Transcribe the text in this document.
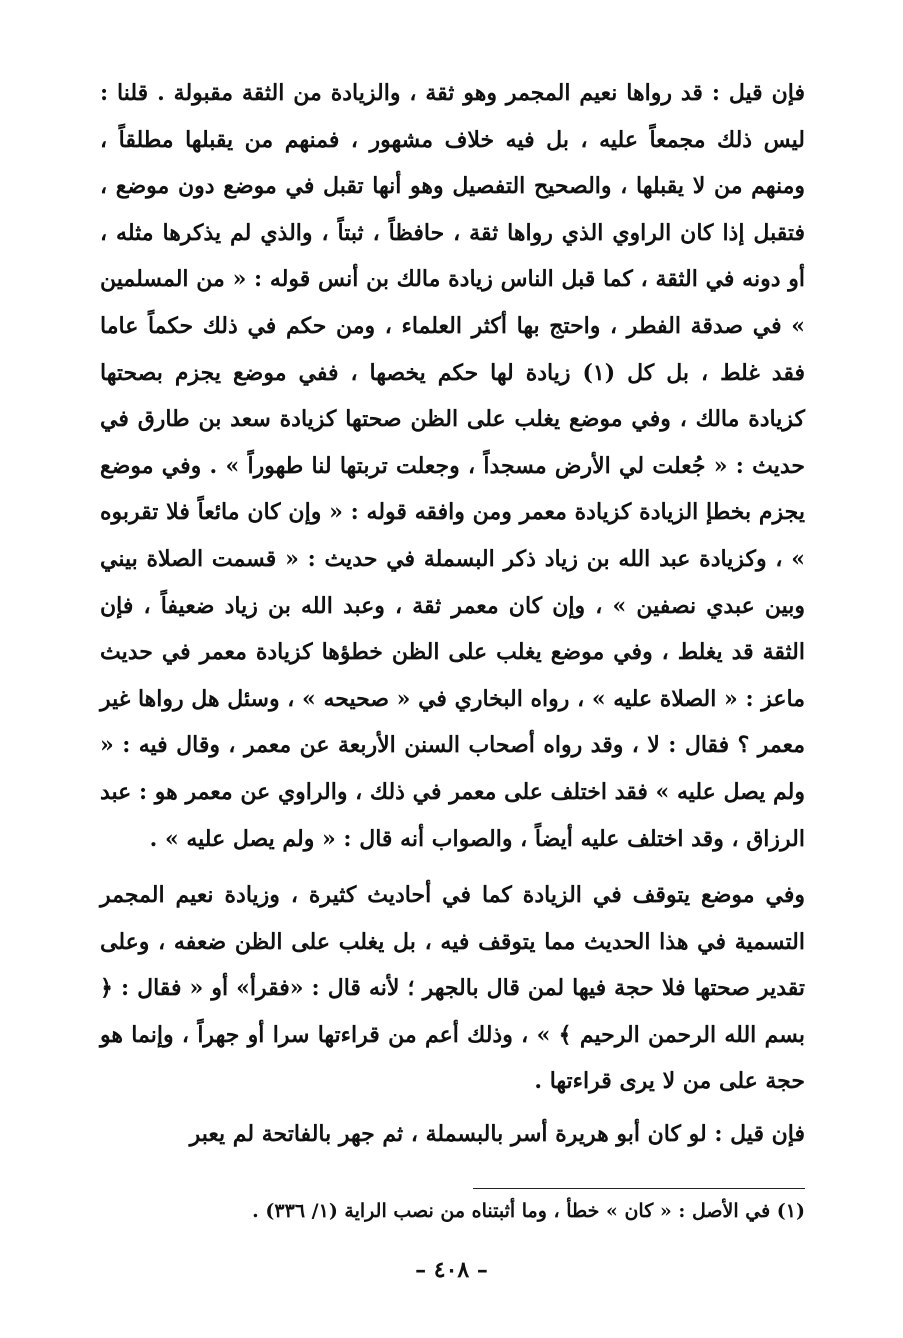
فإن قيل : قد رواها نعيم المجمر وهو ثقة ، والزيادة من الثقة مقبولة . قلنا : ليس ذلك مجمعاً عليه ، بل فيه خلاف مشهور ، فمنهم من يقبلها مطلقاً ، ومنهم من لا يقبلها ، والصحيح التفصيل وهو أنها تقبل في موضع دون موضع ، فتقبل إذا كان الراوي الذي رواها ثقة ، حافظاً ، ثبتاً ، والذي لم يذكرها مثله ، أو دونه في الثقة ، كما قبل الناس زيادة مالك بن أنس قوله : « من المسلمين » في صدقة الفطر ، واحتج بها أكثر العلماء ، ومن حكم في ذلك حكماً عاما فقد غلط ، بل كل (١) زيادة لها حكم يخصها ، ففي موضع يجزم بصحتها كزيادة مالك ، وفي موضع يغلب على الظن صحتها كزيادة سعد بن طارق في حديث : « جُعلت لي الأرض مسجداً ، وجعلت تربتها لنا طهوراً » . وفي موضع يجزم بخطإ الزيادة كزيادة معمر ومن وافقه قوله : « وإن كان مائعاً فلا تقربوه » ، وكزيادة عبد الله بن زياد ذكر البسملة في حديث : « قسمت الصلاة بيني وبين عبدي نصفين » ، وإن كان معمر ثقة ، وعبد الله بن زياد ضعيفاً ، فإن الثقة قد يغلط ، وفي موضع يغلب على الظن خطؤها كزيادة معمر في حديث ماعز : « الصلاة عليه » ، رواه البخاري في « صحيحه » ، وسئل هل رواها غير معمر ؟ فقال : لا ، وقد رواه أصحاب السنن الأربعة عن معمر ، وقال فيه : « ولم يصل عليه » فقد اختلف على معمر في ذلك ، والراوي عن معمر هو : عبد الرزاق ، وقد اختلف عليه أيضاً ، والصواب أنه قال : « ولم يصل عليه » .

وفي موضع يتوقف في الزيادة كما في أحاديث كثيرة ، وزيادة نعيم المجمر التسمية في هذا الحديث مما يتوقف فيه ، بل يغلب على الظن ضعفه ، وعلى تقدير صحتها فلا حجة فيها لمن قال بالجهر ؛ لأنه قال : «فقرأ» أو « فقال : ﴿ بسم الله الرحمن الرحيم ﴾ » ، وذلك أعم من قراءتها سرا أو جهراً ، وإنما هو حجة على من لا يرى قراءتها .

فإن قيل : لو كان أبو هريرة أسر بالبسملة ، ثم جهر بالفاتحة لم يعبر

(١) في الأصل : « كان » خطأ ، وما أثبتناه من نصب الراية (١/ ٣٣٦) .
– ٤٠٨ –
